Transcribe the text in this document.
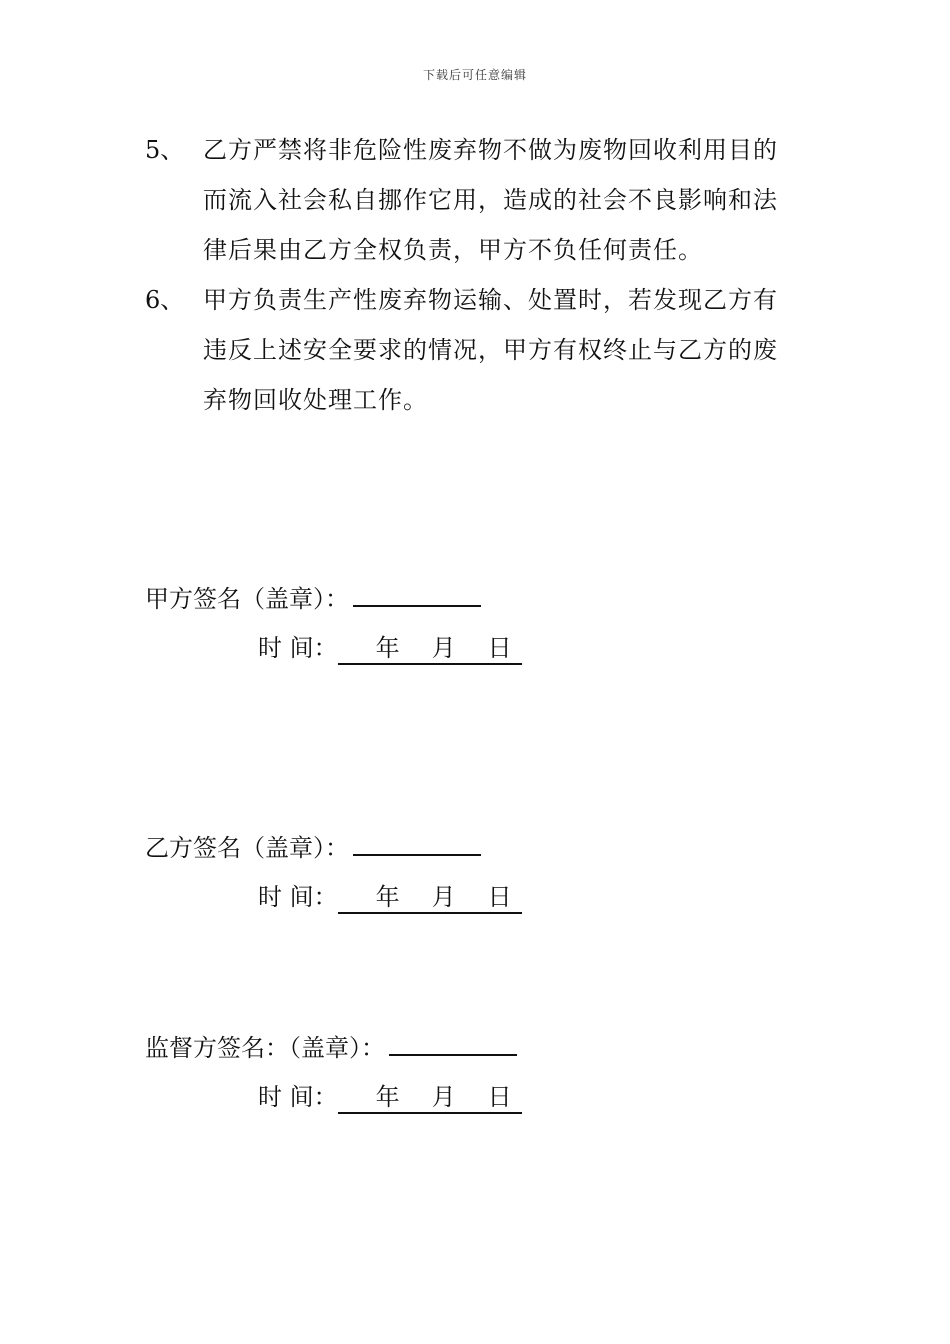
下载后可任意编辑
5、 乙方严禁将非危险性废弃物不做为废物回收利用目的
而流入社会私自挪作它用，造成的社会不良影响和法
律后果由乙方全权负责，甲方不负任何责任。
6、 甲方负责生产性废弃物运输、处置时，若发现乙方有
违反上述安全要求的情况，甲方有权终止与乙方的废
弃物回收处理工作。
甲方签名（盖章）：
时 间： 年 月 日
乙方签名（盖章）：
时 间： 年 月 日
监督方签名：（盖章）：
时 间： 年 月 日
